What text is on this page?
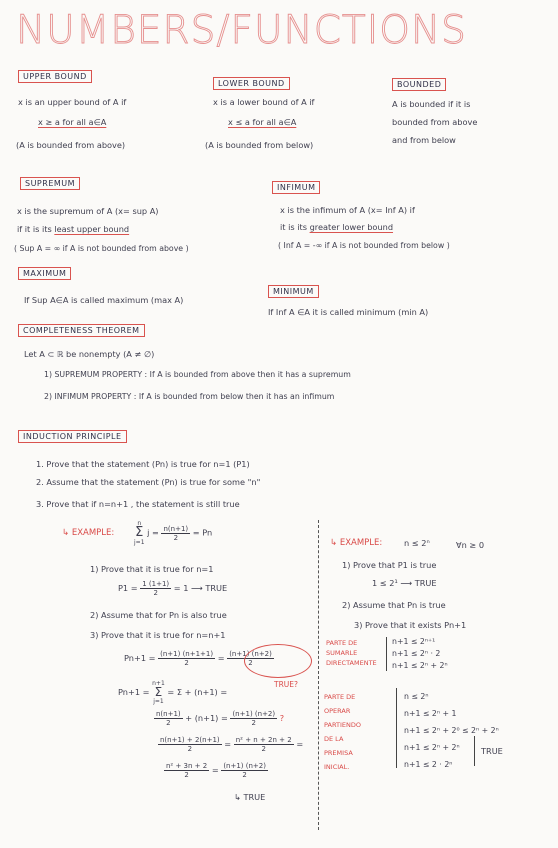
NUMBERS/FUNCTIONS
UPPER BOUND
x is an upper bound of A if
x ≥ a for all a∈A
(A is bounded from above)
LOWER BOUND
x is a lower bound of A if
x ≤ a for all a∈A
(A is bounded from below)
BOUNDED
A is bounded if it is
bounded from above
and from below
SUPREMUM
x is the supremum of A (x= sup A)
if it is its least upper bound
( Sup A = ∞ if A is not bounded from above )
INFIMUM
x is the infimum of A (x= Inf A) if
it is its greater lower bound
( Inf A = -∞ if A is not bounded from below )
MAXIMUM
If Sup A∈A is called maximum (max A)
MINIMUM
If Inf A ∈A it is called minimum (min A)
COMPLETENESS THEOREM
Let A ⊂ ℝ be nonempty (A ≠ ∅)
1) SUPREMUM PROPERTY : If A is bounded from above then it has a supremum
2) INFIMUM PROPERTY : If A is bounded from below then it has an infimum
INDUCTION PRINCIPLE
1. Prove that the statement (Pn) is true for n=1 (P1)
2. Assume that the statement (Pn) is true for some "n"
3. Prove that if n=n+1 , the statement is still true
↳ EXAMPLE:
n
Σ
j=1
$j = \frac{n(n+1)}{2} = Pn$
1) Prove that it is true for n=1
$P1 = \frac{1 (1+1)}{2} = 1$ ⟶ TRUE
2) Assume that for Pn is also true
3) Prove that it is true for n=n+1
$Pn+1 = \frac{(n+1) (n+1+1)}{2} = \frac{(n+1) (n+2)}{2}$
TRUE?
Pn+1 =
n+1
Σ
j=1
= Σ + (n+1) =
$\frac{n(n+1)}{2} + (n+1) = \frac{(n+1) (n+2)}{2}$ ?
$\frac{n(n+1) + 2(n+1)}{2} = \frac{\text{n² + n + 2n + 2}}{2}$ =
$\frac{\text{n² + 3n + 2}}{2} = \frac{(n+1) (n+2)}{2}$
↳ TRUE
↳ EXAMPLE:	n ≤ 2ⁿ	∀n ≥ 0
1) Prove that P1 is true
1 ≤ 2¹ ⟶ TRUE
2) Assume that Pn is true
3) Prove that it exists Pn+1
PARTE DE
SUMARLE
DIRECTAMENTE
n+1 ≤ 2ⁿ⁺¹
n+1 ≤ 2ⁿ · 2
n+1 ≤ 2ⁿ + 2ⁿ
PARTE DE
OPERAR
PARTIENDO
DE LA
PREMISA
INICIAL.
n ≤ 2ⁿ
n+1 ≤ 2ⁿ + 1
n+1 ≤ 2ⁿ + 2⁰ ≤ 2ⁿ + 2ⁿ
n+1 ≤ 2ⁿ + 2ⁿ
n+1 ≤ 2 · 2ⁿ
TRUE
